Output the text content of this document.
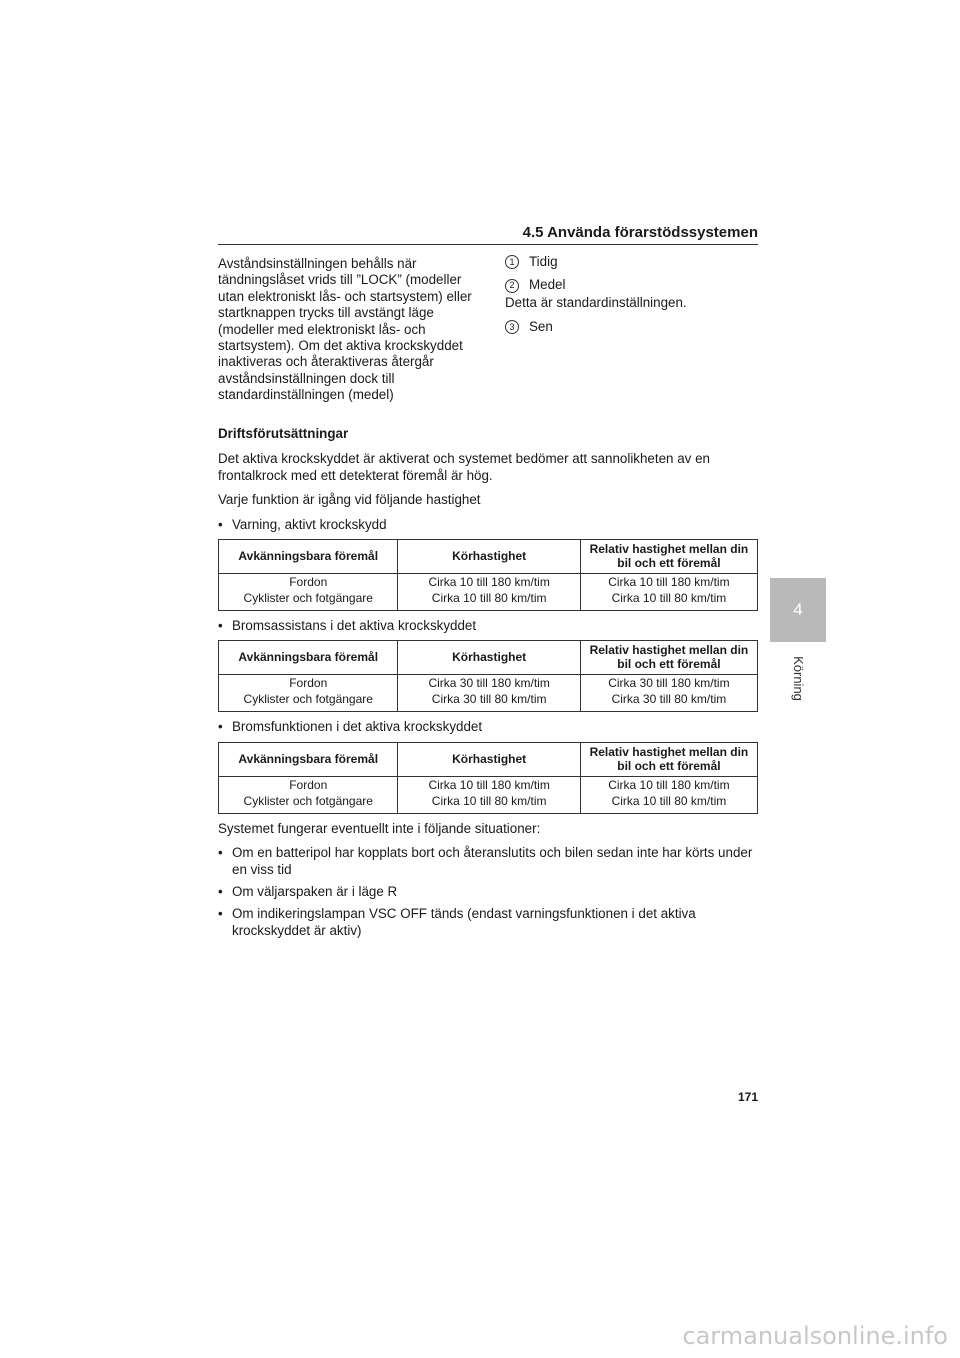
4.5 Använda förarstödssystemen
Avståndsinställningen behålls när tändningslåset vrids till ”LOCK” (modeller utan elektroniskt lås- och startsystem) eller startknappen trycks till avstängt läge (modeller med elektroniskt lås- och startsystem). Om det aktiva krockskyddet inaktiveras och återaktiveras återgår avståndsinställningen dock till standardinställningen (medel)
1	Tidig
2	Medel
Detta är standardinställningen.
3	Sen

Driftsförutsättningar

Det aktiva krockskyddet är aktiverat och systemet bedömer att sannolikheten av en frontalkrock med ett detekterat föremål är hög.

Varje funktion är igång vid följande hastighet

• Varning, aktivt krockskydd
Avkänningsbara föremål	Körhastighet	Relativ hastighet mellan din bil och ett föremål
Fordon	Cirka 10 till 180 km/tim	Cirka 10 till 180 km/tim
Cyklister och fotgängare	Cirka 10 till 80 km/tim	Cirka 10 till 80 km/tim
• Bromsassistans i det aktiva krockskyddet
Avkänningsbara föremål	Körhastighet	Relativ hastighet mellan din bil och ett föremål
Fordon	Cirka 30 till 180 km/tim	Cirka 30 till 180 km/tim
Cyklister och fotgängare	Cirka 30 till 80 km/tim	Cirka 30 till 80 km/tim
• Bromsfunktionen i det aktiva krockskyddet
Avkänningsbara föremål	Körhastighet	Relativ hastighet mellan din bil och ett föremål
Fordon	Cirka 10 till 180 km/tim	Cirka 10 till 180 km/tim
Cyklister och fotgängare	Cirka 10 till 80 km/tim	Cirka 10 till 80 km/tim

Systemet fungerar eventuellt inte i följande situationer:

• Om en batteripol har kopplats bort och återanslutits och bilen sedan inte har körts under en viss tid
• Om väljarspaken är i läge R
• Om indikeringslampan VSC OFF tänds (endast varningsfunktionen i det aktiva krockskyddet är aktiv)
4
Körning
171
carmanualsonline.info
